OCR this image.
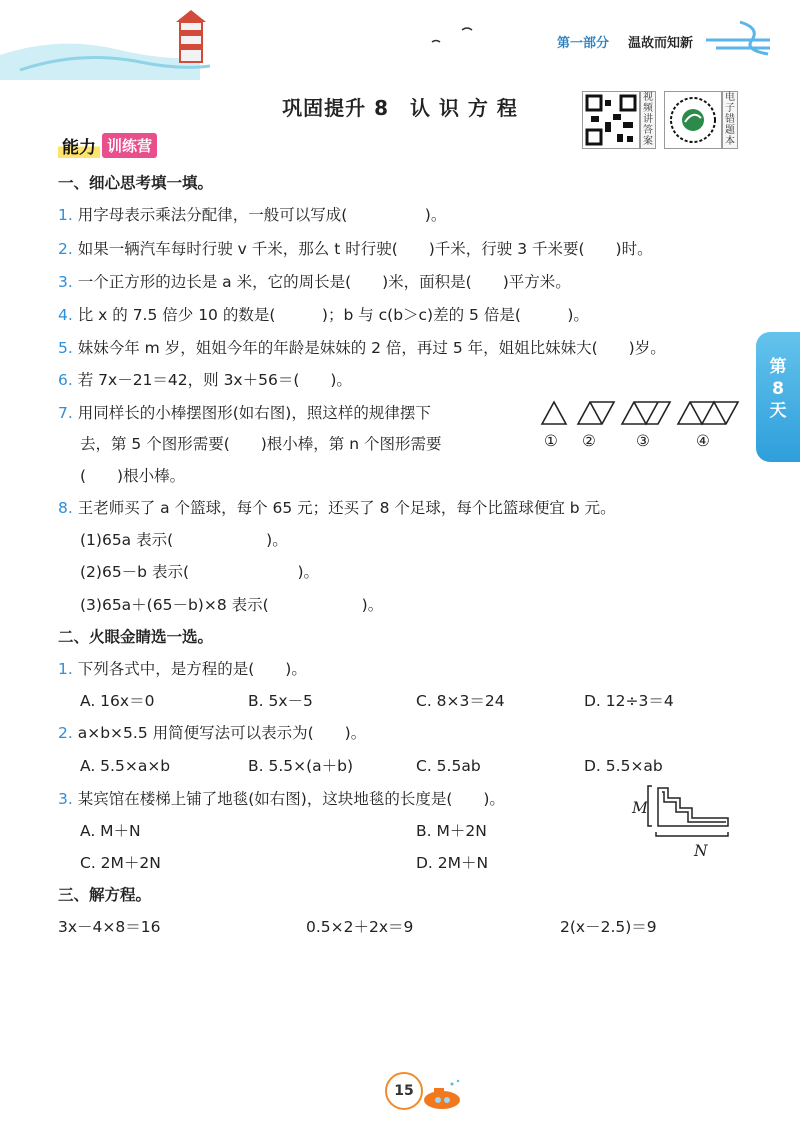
第一部分 温故而知新
巩固提升 8　认 识 方 程	视频讲答案
电子错题本
能力 训练营
第
8
天
一、细心思考填一填。
1. 用字母表示乘法分配律，一般可以写成(　　　　　)。
2. 如果一辆汽车每时行驶 v 千米，那么 t 时行驶(　　)千米，行驶 3 千米要(　　)时。
3. 一个正方形的边长是 a 米，它的周长是(　　)米，面积是(　　)平方米。
4. 比 x 的 7.5 倍少 10 的数是(　　　)；b 与 c(b＞c)差的 5 倍是(　　　)。
5. 妹妹今年 m 岁，姐姐今年的年龄是妹妹的 2 倍，再过 5 年，姐姐比妹妹大(　　)岁。
6. 若 7x－21＝42，则 3x＋56＝(　　)。
7. 用同样长的小棒摆图形(如右图)，照这样的规律摆下
去，第 5 个图形需要(　　)根小棒，第 n 个图形需要
(　　)根小棒。
① ②	③	④
8. 王老师买了 a 个篮球，每个 65 元；还买了 8 个足球，每个比篮球便宜 b 元。
(1)65a 表示(　　　　　　)。
(2)65－b 表示(　　　　　　　)。
(3)65a＋(65－b)×8 表示(　　　　　　)。
二、火眼金睛选一选。
1. 下列各式中，是方程的是(　　)。
A. 16x＝0	B. 5x－5	C. 8×3＝24	D. 12÷3＝4
2. a×b×5.5 用简便写法可以表示为(　　)。
A. 5.5×a×b	B. 5.5×(a＋b)	C. 5.5ab	D. 5.5×ab
3. 某宾馆在楼梯上铺了地毯(如右图)，这块地毯的长度是(　　)。
A. M＋N	B. M＋2N
C. 2M＋2N	D. 2M＋N
M
N
三、解方程。
3x－4×8＝16	0.5×2＋2x＝9	2(x－2.5)＝9
15
